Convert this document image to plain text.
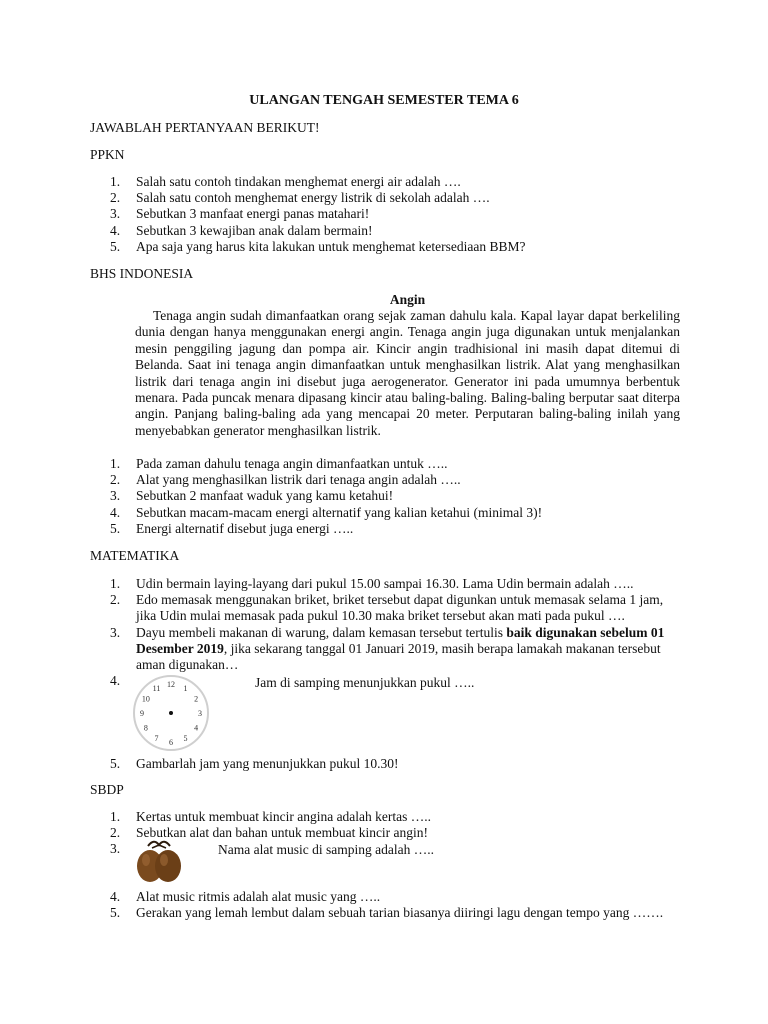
ULANGAN TENGAH SEMESTER TEMA 6
JAWABLAH PERTANYAAN BERIKUT!
PPKN
1.	Salah satu contoh tindakan menghemat energi air adalah ….
2.	Salah satu contoh menghemat energy listrik di sekolah adalah ….
3.	Sebutkan 3 manfaat energi panas matahari!
4.	Sebutkan 3 kewajiban anak dalam bermain!
5.	Apa saja yang harus kita lakukan untuk menghemat ketersediaan BBM?
BHS INDONESIA
Angin
Tenaga angin sudah dimanfaatkan orang sejak zaman dahulu kala. Kapal layar dapat berkeliling dunia dengan hanya menggunakan energi angin. Tenaga angin juga digunakan untuk menjalankan mesin penggiling jagung dan pompa air. Kincir angin tradhisional ini masih dapat ditemui di Belanda. Saat ini tenaga angin dimanfaatkan untuk menghasilkan listrik. Alat yang menghasilkan listrik dari tenaga angin ini disebut juga aerogenerator. Generator ini pada umumnya berbentuk menara. Pada puncak menara dipasang kincir atau baling-baling. Baling-baling berputar saat diterpa angin. Panjang baling-baling ada yang mencapai 20 meter. Perputaran baling-baling inilah yang menyebabkan generator menghasilkan listrik.
1.	Pada zaman dahulu tenaga angin dimanfaatkan untuk …..
2.	Alat yang menghasilkan listrik dari tenaga angin adalah …..
3.	Sebutkan 2 manfaat waduk yang kamu ketahui!
4.	Sebutkan macam-macam energi alternatif yang kalian ketahui (minimal 3)!
5.	Energi alternatif disebut juga energi …..
MATEMATIKA
1.	Udin bermain laying-layang dari pukul 15.00 sampai 16.30. Lama Udin bermain adalah …..
2.	Edo memasak menggunakan briket, briket tersebut dapat digunkan untuk memasak selama 1 jam, jika Udin mulai memasak pada pukul 10.30 maka briket tersebut akan mati pada pukul ….
3.	Dayu membeli makanan di warung, dalam kemasan tersebut tertulis baik digunakan sebelum 01 Desember 2019, jika sekarang tanggal 01 Januari 2019, masih berapa lamakah makanan tersebut aman digunakan…
4.	Jam di samping menunjukkan pukul …..
12 1
2
3
4
5
6
7
8
9
10
11
5.	Gambarlah jam yang menunjukkan pukul 10.30!
SBDP
1.	Kertas untuk membuat kincir angina adalah kertas …..
2.	Sebutkan alat dan bahan untuk membuat kincir angin!
3.	Nama alat music di samping adalah …..
4.	Alat music ritmis adalah alat music yang …..
5.	Gerakan yang lemah lembut dalam sebuah tarian biasanya diiringi lagu dengan tempo yang …….
